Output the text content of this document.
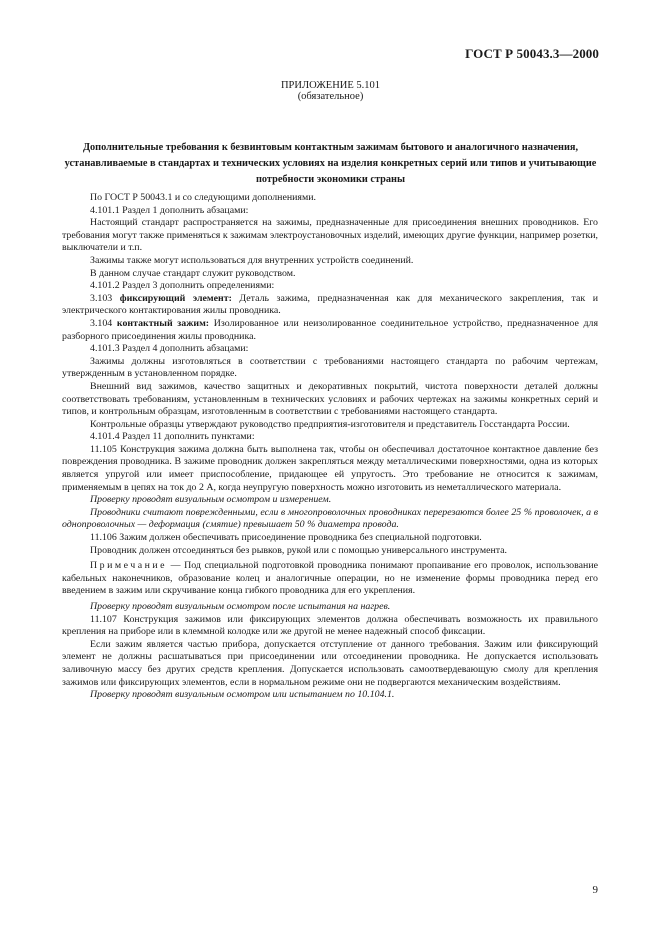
ГОСТ Р 50043.3—2000
ПРИЛОЖЕНИЕ 5.101
(обязательное)
Дополнительные требования к безвинтовым контактным зажимам бытового и аналогичного назначения, устанавливаемые в стандартах и технических условиях на изделия конкретных серий или типов и учитывающие потребности экономики страны

По ГОСТ Р 50043.1 и со следующими дополнениями.

4.101.1 Раздел 1 дополнить абзацами:

Настоящий стандарт распространяется на зажимы, предназначенные для присоединения внешних проводников. Его требования могут также применяться к зажимам электроустановочных изделий, имеющих другие функции, например розетки, выключатели и т.п.

Зажимы также могут использоваться для внутренних устройств соединений.

В данном случае стандарт служит руководством.

4.101.2 Раздел 3 дополнить определениями:

3.103 фиксирующий элемент: Деталь зажима, предназначенная как для механического закрепления, так и электрического контактирования жилы проводника.

3.104 контактный зажим: Изолированное или неизолированное соединительное устройство, предназначенное для разборного присоединения жилы проводника.

4.101.3 Раздел 4 дополнить абзацами:

Зажимы должны изготовляться в соответствии с требованиями настоящего стандарта по рабочим чертежам, утвержденным в установленном порядке.

Внешний вид зажимов, качество защитных и декоративных покрытий, чистота поверхности деталей должны соответствовать требованиям, установленным в технических условиях и рабочих чертежах на зажимы конкретных серий и типов, и контрольным образцам, изготовленным в соответствии с требованиями настоящего стандарта.

Контрольные образцы утверждают руководство предприятия-изготовителя и представитель Госстандарта России.

4.101.4 Раздел 11 дополнить пунктами:

11.105 Конструкция зажима должна быть выполнена так, чтобы он обеспечивал достаточное контактное давление без повреждения проводника. В зажиме проводник должен закрепляться между металлическими поверхностями, одна из которых является упругой или имеет приспособление, придающее ей упругость. Это требование не относится к зажимам, применяемым в цепях на ток до 2 А, когда неупругую поверхность можно изготовить из неметаллического материала.

Проверку проводят визуальным осмотром и измерением.

Проводники считают поврежденными, если в многопроволочных проводниках перерезаются более 25 % проволочек, а в однопроволочных — деформация (смятие) превышает 50 % диаметра провода.

11.106 Зажим должен обеспечивать присоединение проводника без специальной подготовки.

Проводник должен отсоединяться без рывков, рукой или с помощью универсального инструмента.

Примечание — Под специальной подготовкой проводника понимают пропаивание его проволок, использование кабельных наконечников, образование колец и аналогичные операции, но не изменение формы проводника перед его введением в зажим или скручивание конца гибкого проводника для его укрепления.

Проверку проводят визуальным осмотром после испытания на нагрев.

11.107 Конструкция зажимов или фиксирующих элементов должна обеспечивать возможность их правильного крепления на приборе или в клеммной колодке или же другой не менее надежный способ фиксации.

Если зажим является частью прибора, допускается отступление от данного требования. Зажим или фиксирующий элемент не должны расшатываться при присоединении или отсоединении проводника. Не допускается использовать заливочную массу без других средств крепления. Допускается использовать самоотвердевающую смолу для крепления зажимов или фиксирующих элементов, если в нормальном режиме они не подвергаются механическим воздействиям.

Проверку проводят визуальным осмотром или испытанием по 10.104.1.

9
